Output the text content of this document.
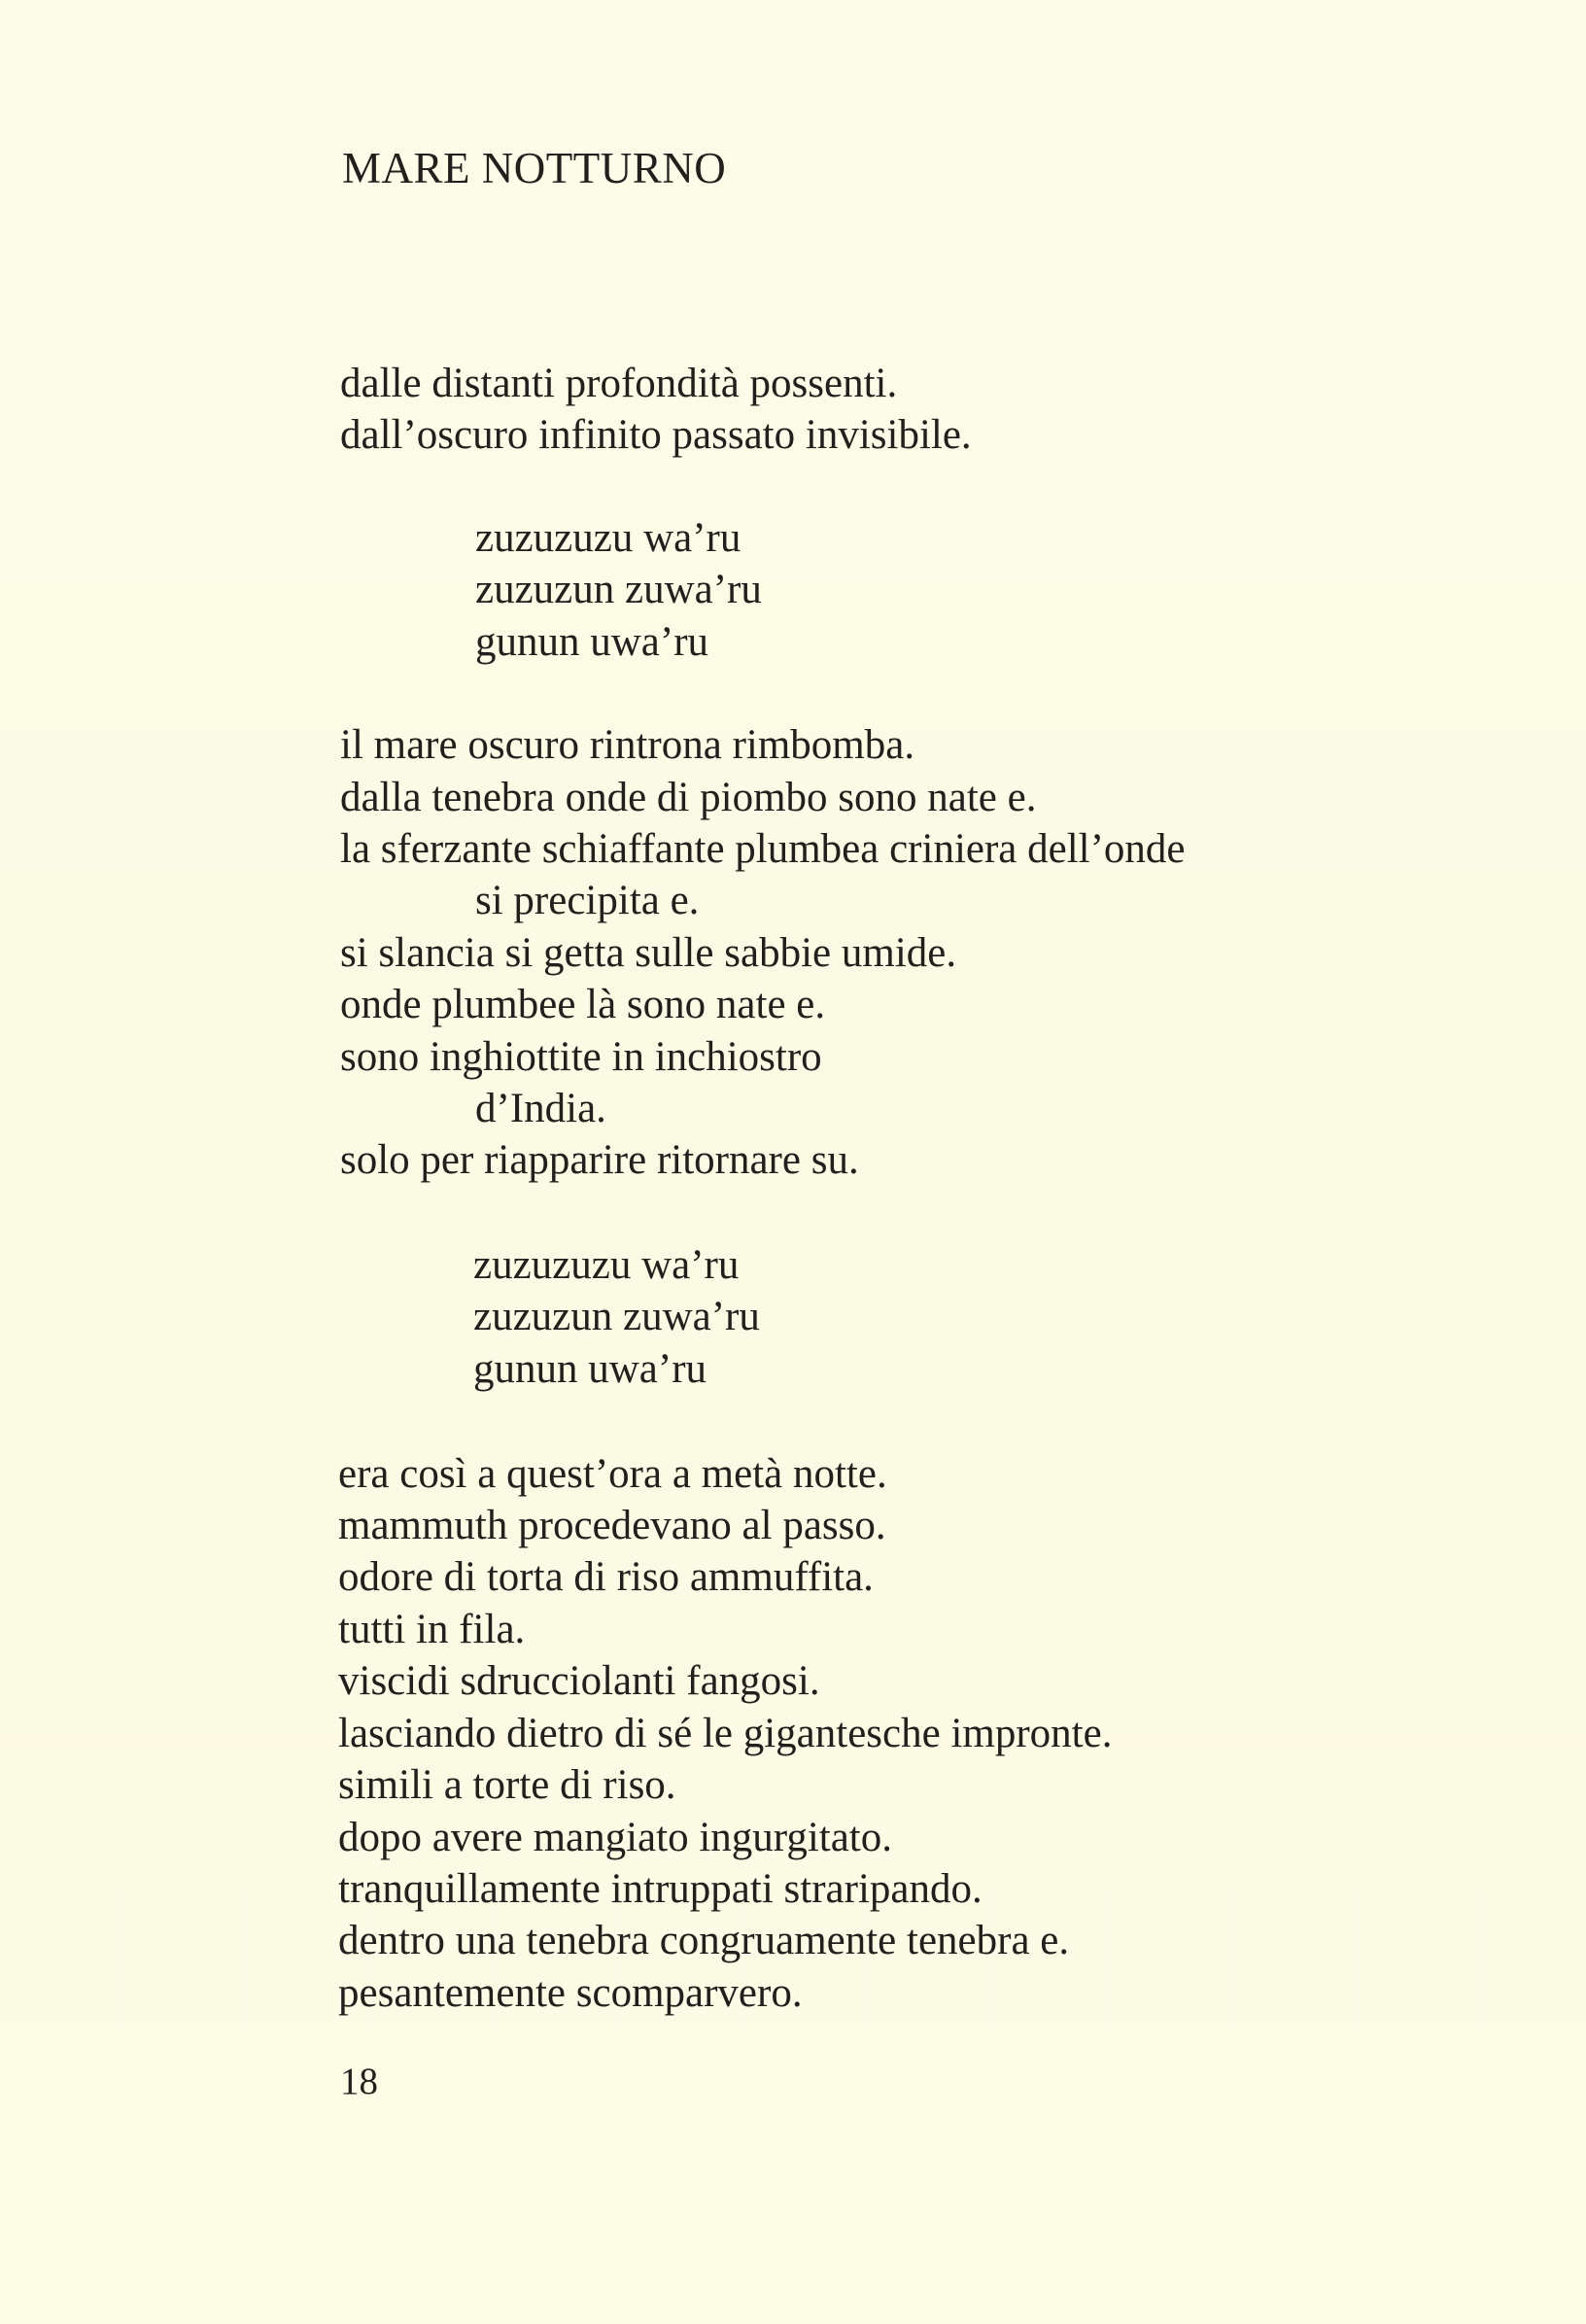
MARE NOTTURNO
dalle distanti profondità possenti.
dall’oscuro infinito passato invisibile.
zuzuzuzu wa’ru
zuzuzun zuwa’ru
gunun uwa’ru
il mare oscuro rintrona rimbomba.
dalla tenebra onde di piombo sono nate e.
la sferzante schiaffante plumbea criniera dell’onde
si precipita e.
si slancia si getta sulle sabbie umide.
onde plumbee là sono nate e.
sono inghiottite in inchiostro
d’India.
solo per riapparire ritornare su.
zuzuzuzu wa’ru
zuzuzun zuwa’ru
gunun uwa’ru
era così a quest’ora a metà notte.
mammuth procedevano al passo.
odore di torta di riso ammuffita.
tutti in fila.
viscidi sdrucciolanti fangosi.
lasciando dietro di sé le gigantesche impronte.
simili a torte di riso.
dopo avere mangiato ingurgitato.
tranquillamente intruppati straripando.
dentro una tenebra congruamente tenebra e.
pesantemente scomparvero.
18
